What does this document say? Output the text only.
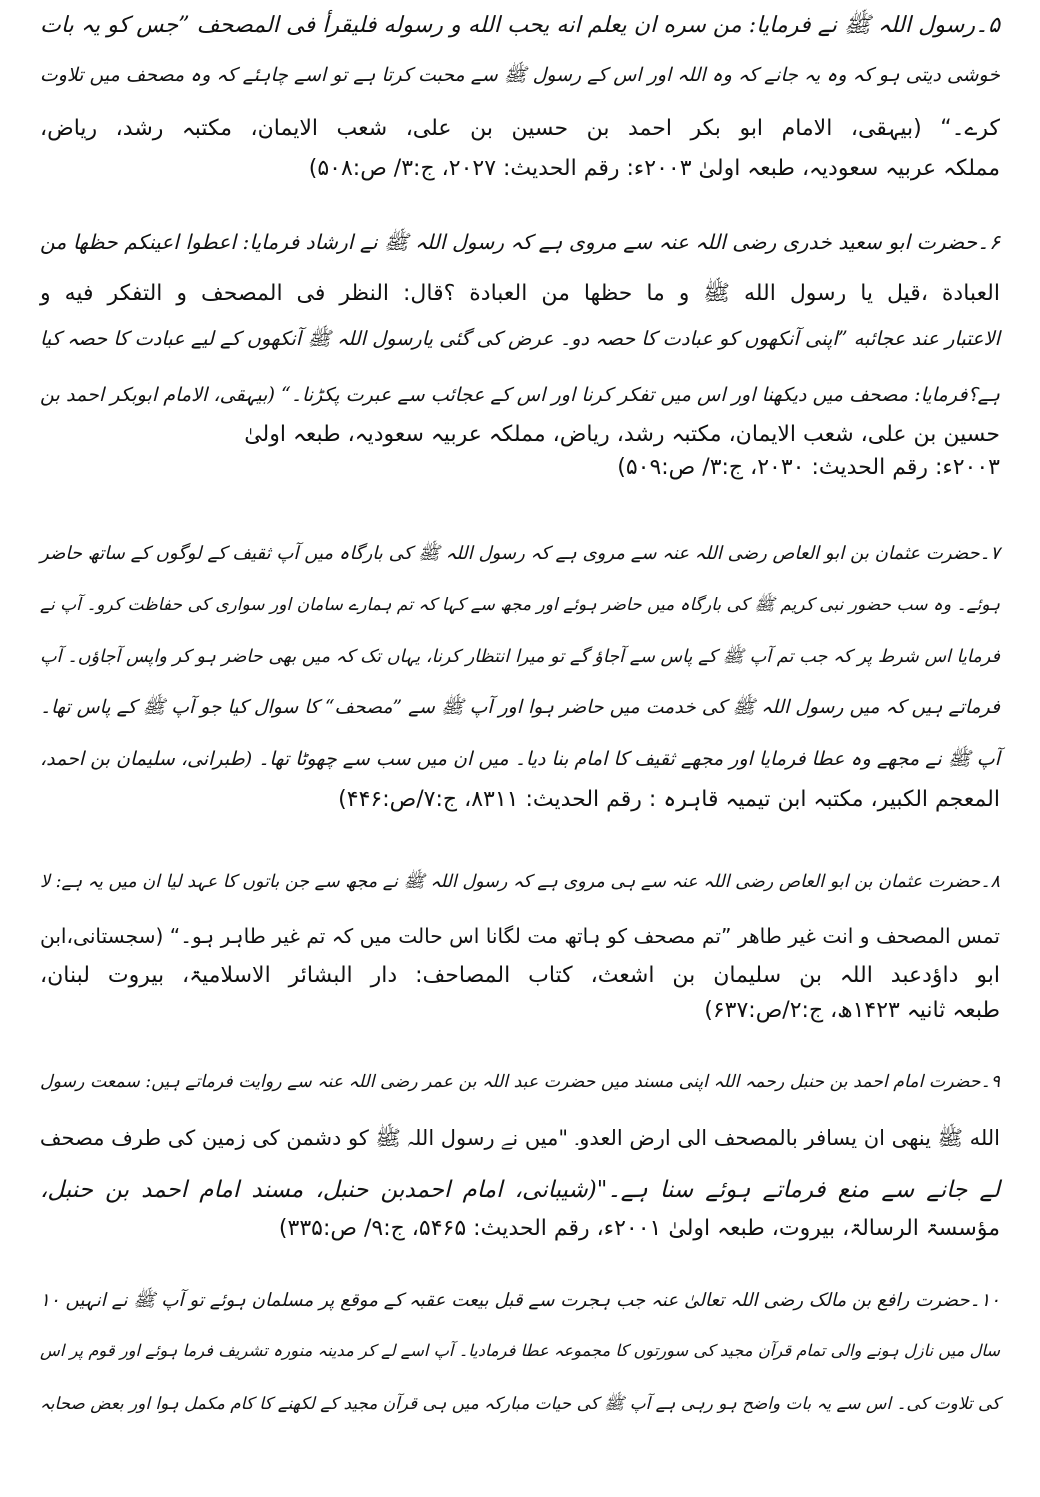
۵۔رسول اللہ ﷺ نے فرمایا: من سره ان يعلم انه يحب الله و رسوله فليقرأ فى المصحف ”جس کو یہ بات
خوشی دیتی ہو کہ وہ یہ جانے کہ وہ اللہ اور اس کے رسول ﷺ سے محبت کرتا ہے تو اسے چاہئے کہ وہ مصحف میں تلاوت
کرے۔“ (بیہقی، الامام ابو بکر احمد بن حسین بن علی، شعب الایمان، مکتبہ رشد، ریاض،
مملکہ عربیہ سعودیہ، طبعہ اولیٰ ۲۰۰۳ء: رقم الحدیث: ۲۰۲۷، ج:۳/ ص:۵۰۸)
۶۔حضرت ابو سعید خدری رضی اللہ عنہ سے مروی ہے کہ رسول اللہ ﷺ نے ارشاد فرمایا: اعطوا اعينكم حظها من
العبادة ،قيل يا رسول الله ﷺ و ما حظها من العبادة ؟قال: النظر فى المصحف و التفكر فيه و
الاعتبار عند عجائبه ”اپنی آنکھوں کو عبادت کا حصہ دو۔ عرض کی گئی یارسول اللہ ﷺ آنکھوں کے لیے عبادت کا حصہ کیا
ہے؟فرمایا: مصحف میں دیکھنا اور اس میں تفکر کرنا اور اس کے عجائب سے عبرت پکڑنا۔“ (بیہقی، الامام ابوبکر احمد بن
حسین بن علی، شعب الایمان، مکتبہ رشد، ریاض، مملکہ عربیہ سعودیہ، طبعہ اولیٰ
۲۰۰۳ء: رقم الحدیث: ۲۰۳۰، ج:۳/ ص:۵۰۹)
۷۔حضرت عثمان بن ابو العاص رضی اللہ عنہ سے مروی ہے کہ رسول اللہ ﷺ کی بارگاہ میں آپ ثقیف کے لوگوں کے ساتھ حاضر
ہوئے۔ وہ سب حضور نبی کریم ﷺ کی بارگاہ میں حاضر ہوئے اور مجھ سے کہا کہ تم ہمارے سامان اور سواری کی حفاظت کرو۔ آپ نے
فرمایا اس شرط پر کہ جب تم آپ ﷺ کے پاس سے آجاؤ گے تو میرا انتظار کرنا، یہاں تک کہ میں بھی حاضر ہو کر واپس آجاؤں۔ آپ
فرماتے ہیں کہ میں رسول اللہ ﷺ کی خدمت میں حاضر ہوا اور آپ ﷺ سے ”مصحف“ کا سوال کیا جو آپ ﷺ کے پاس تھا۔
آپ ﷺ نے مجھے وہ عطا فرمایا اور مجھے ثقیف کا امام بنا دیا۔ میں ان میں سب سے چھوٹا تھا۔ (طبرانی، سلیمان بن احمد،
المعجم الکبیر، مکتبہ ابن تیمیہ قاہرہ : رقم الحدیث: ۸۳۱۱، ج:۷/ص:۴۴۶)
۸۔حضرت عثمان بن ابو العاص رضی اللہ عنہ سے ہی مروی ہے کہ رسول اللہ ﷺ نے مجھ سے جن باتوں کا عہد لیا ان میں یہ ہے: لا
تمس المصحف و انت غير طاهر ”تم مصحف کو ہاتھ مت لگانا اس حالت میں کہ تم غیر طاہر ہو۔“ (سجستانی،ابن
ابو داؤدعبد اللہ بن سلیمان بن اشعث، کتاب المصاحف: دار البشائر الاسلامیۃ، بیروت لبنان،
طبعہ ثانیہ ۱۴۲۳ھ، ج:۲/ص:۶۳۷)
۹۔حضرت امام احمد بن حنبل رحمہ اللہ اپنی مسند میں حضرت عبد اللہ بن عمر رضی اللہ عنہ سے روایت فرماتے ہیں: سمعت رسول
الله ﷺ ينهى ان يسافر بالمصحف الى ارض العدو۔ "میں نے رسول اللہ ﷺ کو دشمن کی زمین کی طرف مصحف
لے جانے سے منع فرماتے ہوئے سنا ہے۔"(شیبانی، امام احمدبن حنبل، مسند امام احمد بن حنبل،
مؤسسۃ الرسالۃ، بیروت، طبعہ اولیٰ ۲۰۰۱ء، رقم الحدیث: ۵۴۶۵، ج:۹/ ص:۳۳۵)
۱۰۔حضرت رافع بن مالک رضی اللہ تعالیٰ عنہ جب ہجرت سے قبل بیعت عقبہ کے موقع پر مسلمان ہوئے تو آپ ﷺ نے انہیں ۱۰
سال میں نازل ہونے والی تمام قرآن مجید کی سورتوں کا مجموعہ عطا فرمادیا۔ آپ اسے لے کر مدینہ منورہ تشریف فرما ہوئے اور قوم پر اس
کی تلاوت کی۔ اس سے یہ بات واضح ہو رہی ہے آپ ﷺ کی حیات مبارکہ میں ہی قرآن مجید کے لکھنے کا کام مکمل ہوا اور بعض صحابہ
